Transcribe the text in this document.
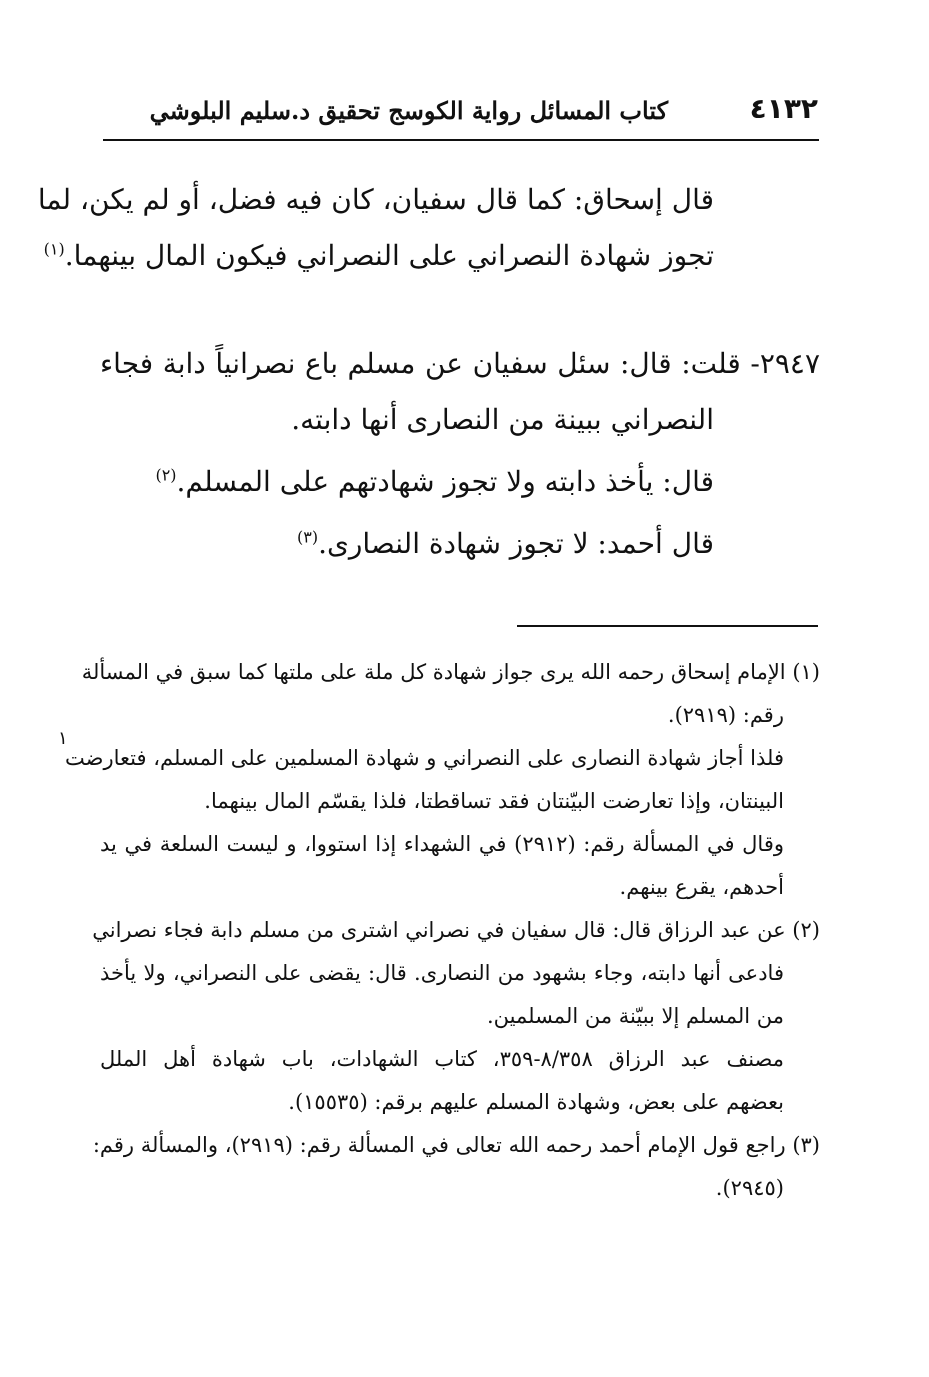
٤١٣٢
كتاب المسائل رواية الكوسج تحقيق د.سليم البلوشي
قال إسحاق: كما قال سفيان، كان فيه فضل، أو لم يكن، لما
تجوز شهادة النصراني على النصراني فيكون المال بينهما.$^{(١)}$
٢٩٤٧- قلت: قال: سئل سفيان عن مسلم باع نصرانياً دابة فجاء
النصراني ببينة من النصارى أنها دابته.
قال: يأخذ دابته ولا تجوز شهادتهم على المسلم.$^{(٢)}$
قال أحمد: لا تجوز شهادة النصارى.$^{(٣)}$
١
(١) الإمام إسحاق رحمه الله يرى جواز شهادة كل ملة على ملتها كما سبق في المسألة
رقم: (٢٩١٩).
فلذا أجاز شهادة النصارى على النصراني و شهادة المسلمين على المسلم، فتعارضت
البينتان، وإذا تعارضت البيّنتان فقد تساقطتا، فلذا يقسّم المال بينهما.
وقال في المسألة رقم: (٢٩١٢) في الشهداء إذا استووا، و ليست السلعة في يد
أحدهم، يقرع بينهم.
(٢) عن عبد الرزاق قال: قال سفيان في نصراني اشترى من مسلم دابة فجاء نصراني
فادعى أنها دابته، وجاء بشهود من النصارى. قال: يقضى على النصراني، ولا يأخذ
من المسلم إلا ببيّنة من المسلمين.
مصنف عبد الرزاق ٨/٣٥٨-٣٥٩، كتاب الشهادات، باب شهادة أهل الملل
بعضهم على بعض، وشهادة المسلم عليهم برقم: (١٥٥٣٥).
(٣) راجع قول الإمام أحمد رحمه الله تعالى في المسألة رقم: (٢٩١٩)، والمسألة رقم:
(٢٩٤٥).
